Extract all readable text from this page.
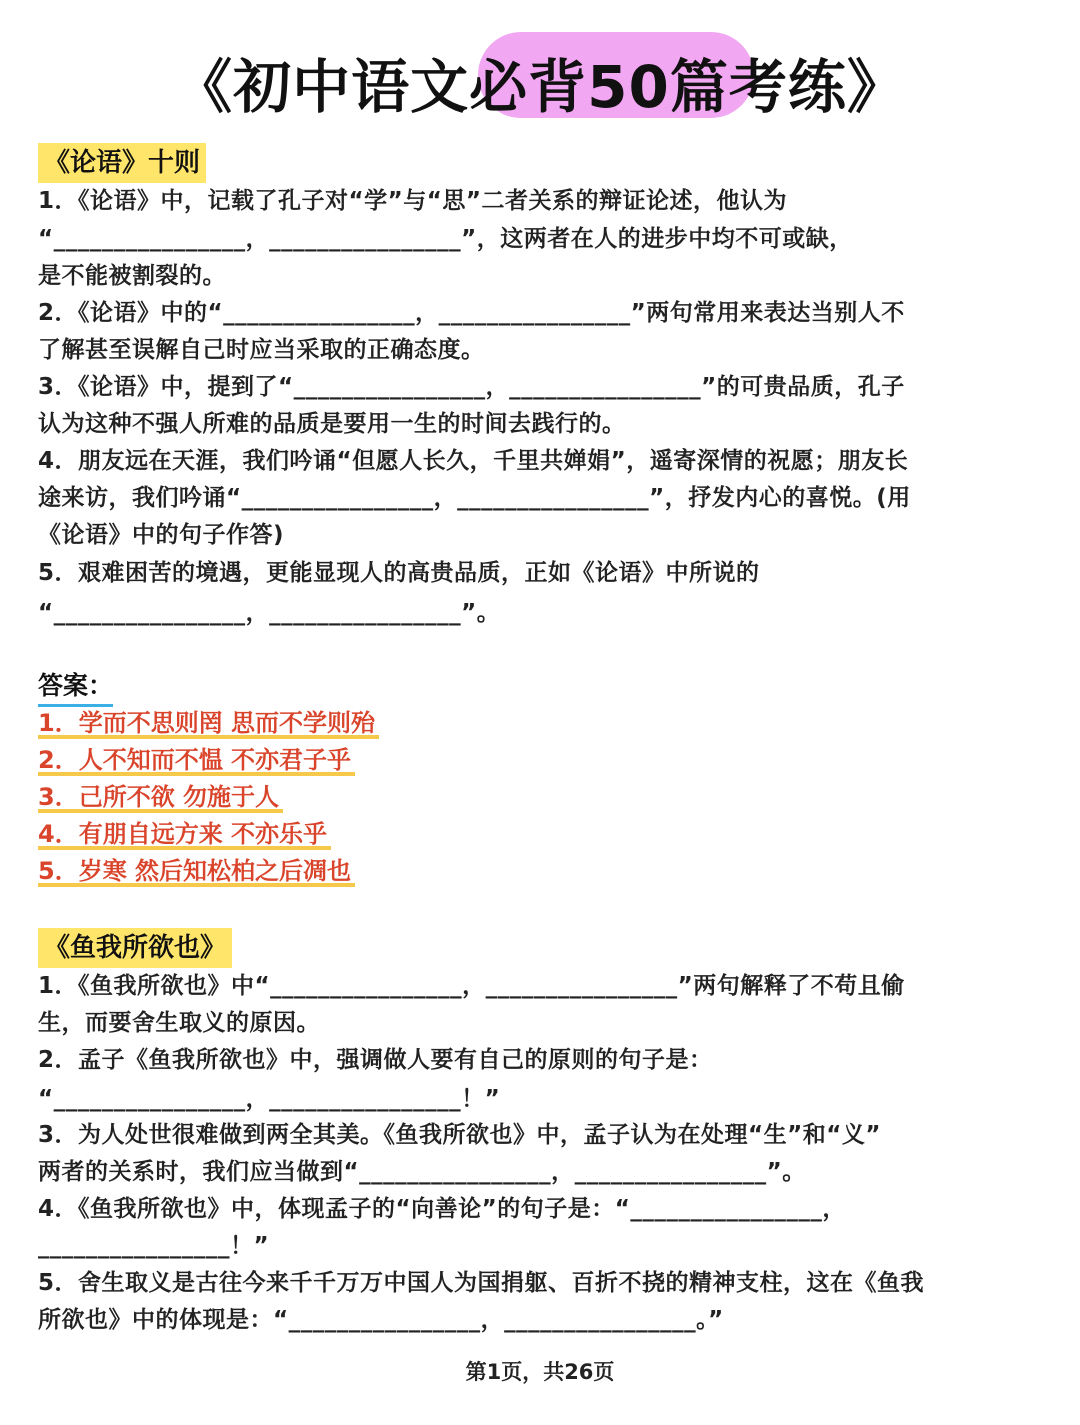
《初中语文必背50篇考练》
《论语》十则
1．《论语》中，记载了孔子对“学”与“思”二者关系的辩证论述，他认为
“________________，________________”，这两者在人的进步中均不可或缺，
是不能被割裂的。
2．《论语》中的“________________，________________”两句常用来表达当别人不
了解甚至误解自己时应当采取的正确态度。
3．《论语》中，提到了“________________，________________”的可贵品质，孔子
认为这种不强人所难的品质是要用一生的时间去践行的。
4．朋友远在天涯，我们吟诵“但愿人长久，千里共婵娟”，遥寄深情的祝愿；朋友长
途来访，我们吟诵“________________，________________”，抒发内心的喜悦。(用
《论语》中的句子作答)
5．艰难困苦的境遇，更能显现人的高贵品质，正如《论语》中所说的
“________________，________________”。
答案：
1．学而不思则罔 思而不学则殆
2．人不知而不愠 不亦君子乎
3．己所不欲 勿施于人
4．有朋自远方来 不亦乐乎
5．岁寒 然后知松柏之后凋也
《鱼我所欲也》
1．《鱼我所欲也》中“________________，________________”两句解释了不苟且偷
生，而要舍生取义的原因。
2．孟子《鱼我所欲也》中，强调做人要有自己的原则的句子是：
“________________，________________！”
3．为人处世很难做到两全其美。《鱼我所欲也》中，孟子认为在处理“生”和“义”
两者的关系时，我们应当做到“________________，________________”。
4．《鱼我所欲也》中，体现孟子的“向善论”的句子是：“________________，
________________！”
5．舍生取义是古往今来千千万万中国人为国捐躯、百折不挠的精神支柱，这在《鱼我
所欲也》中的体现是：“________________，________________。”
第1页，共26页
